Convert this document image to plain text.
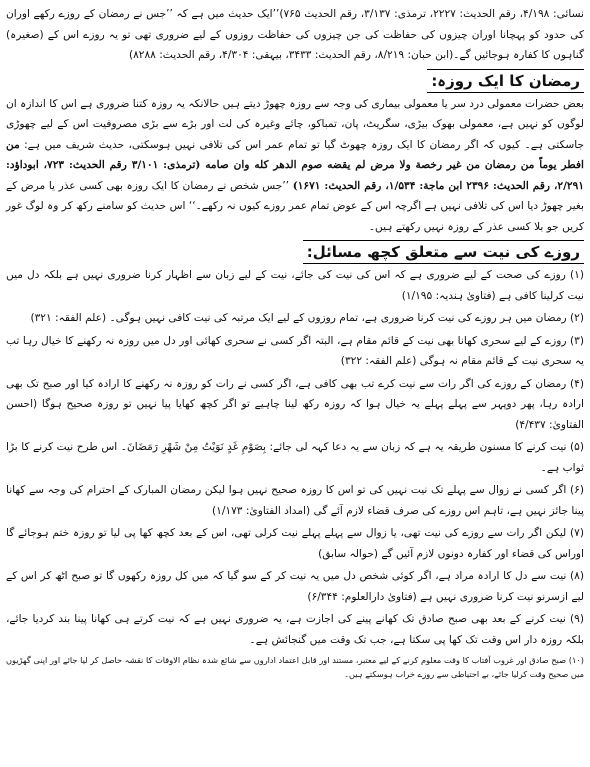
نسائی: ۴/۱۹۸، رقم الحدیث: ۲۲۲۷، ترمذی: ۳/۱۳۷، رقم الحدیث ۷۶۵)’’ایک حدیث میں ہے کہ ’’جس نے رمضان کے روزے رکھے اوران کی حدود کو پہچانا اوران چیزوں کی حفاظت کی جن چیزوں کی حفاظت روزوں کے لیے ضروری تھی تو یہ روزے اس کے (صغیرہ) گناہوں کا کفارہ ہوجائیں گے۔(ابن حبان: ۸/۲۱۹، رقم الحدیث: ۳۴۳۳، بیہقی: ۴/۳۰۴، رقم الحدیث: ۸۲۸۸)

رمضان کا ایک روزہ:

بعض حضرات معمولی درد سر یا معمولی بیماری کی وجہ سے روزہ چھوڑ دیتے ہیں حالانکہ یہ روزہ کتنا ضروری ہے اس کا اندازہ ان لوگوں کو نہیں ہے، معمولی بھوک بیڑی، سگریٹ، پان، تمباکو، چائے وغیرہ کی لت اور بڑے سے بڑی مصروفیت اس کے لیے چھوڑی جاسکتی ہے۔ کیوں کہ اگر رمضان کا ایک روزہ چھوٹ گیا تو تمام عمر اس کی تلافی نہیں ہوسکتی، حدیث شریف میں ہے: من افطر یوماً من رمضان من غیر رخصة ولا مرض لم یقضه صوم الدهر كله وان صامه (ترمذی: ۳/۱۰۱ رقم الحدیث: ۷۲۳، ابوداؤد: ۲/۲۹۱، رقم الحدیث: ۲۳۹۶ ابن ماجة: ۱/۵۳۴، رقم الحدیث: ۱۶۷۱) ’’جس شخص نے رمضان کا ایک روزہ بھی کسی عذر یا مرض کے بغیر چھوڑ دیا اس کی تلافی نہیں ہے اگرچہ اس کے عوض تمام عمر روزے کیوں نہ رکھے۔‘‘ اس حدیث کو سامنے رکھ کر وہ لوگ غور کریں جو بلا کسی عذر کے روزہ نہیں رکھتے ہیں۔

روزے کی نیت سے متعلق کچھ مسائل:

(۱) روزے کی صحت کے لیے ضروری ہے کہ اس کی نیت کی جائے، نیت کے لیے زبان سے اظہار کرنا ضروری نہیں ہے بلکہ دل میں نیت کرلینا کافی ہے (فتاویٰ ہندیہ: ۱/۱۹۵)

(۲) رمضان میں ہر روزے کی نیت کرنا ضروری ہے، تمام روزوں کے لیے ایک مرتبہ کی نیت کافی نہیں ہوگی۔ (علم الفقہ: ۳۲۱)

(۳) روزے کے لیے سحری کھانا بھی نیت کے قائم مقام ہے، البتہ اگر کسی نے سحری کھائی اور دل میں روزہ نہ رکھنے کا خیال رہا تب یہ سحری نیت کے قائم مقام نہ ہوگی (علم الفقہ: ۳۲۲)

(۴) رمضان کے روزے کی اگر رات سے نیت کرے تب بھی کافی ہے، اگر کسی نے رات کو روزہ نہ رکھنے کا ارادہ کیا اور صبح تک بھی ارادہ رہا، پھر دوپہر سے پہلے پہلے یہ خیال ہوا کہ روزہ رکھ لینا چاہیے تو اگر کچھ کھایا پیا نہیں تو روزہ صحیح ہوگا (احسن الفتاویٰ: ۴/۴۳۷)

(۵) نیت کرنے کا مسنون طریقہ یہ ہے کہ زبان سے یہ دعا کہہ لی جائے: بِصَوْمِ غَدٍ نَوَيْتُ مِنْ شَهْرِ رَمَضَانَ۔ اس طرح نیت کرنے کا بڑا ثواب ہے۔

(۶) اگر کسی نے زوال سے پہلے تک نیت نہیں کی تو اس کا روزہ صحیح نہیں ہوا لیکن رمضان المبارک کے احترام کی وجہ سے کھانا پینا جائز نہیں ہے، تاہم اس روزے کی صرف قضاء لازم آئے گی (امداد الفتاویٰ: ۱/۱۷۳)

(۷) لیکن اگر رات سے روزے کی نیت تھی، یا زوال سے پہلے پہلے نیت کرلی تھی، اس کے بعد کچھ کھا پی لیا تو روزہ ختم ہوجائے گا اوراس کی قضاء اور کفارہ دونوں لازم آئیں گے (حوالہ سابق)

(۸) نیت سے دل کا ارادہ مراد ہے، اگر کوئی شخص دل میں یہ نیت کر کے سو گیا کہ میں کل روزہ رکھوں گا تو صبح اٹھ کر اس کے لیے ازسرنو نیت کرنا ضروری نہیں ہے (فتاویٰ دارالعلوم: ۶/۳۴۴)

(۹) نیت کرنے کے بعد بھی صبح صادق تک کھانے پینے کی اجازت ہے، یہ ضروری نہیں ہے کہ نیت کرتے ہی کھانا پینا بند کردیا جائے، بلکہ روزہ دار اس وقت تک کھا پی سکتا ہے، جب تک وقت میں گنجائش ہے۔

(۱۰) صبح صادق اور غروب آفتاب کا وقت معلوم کرنے کے لیے معتبر، مستند اور قابل اعتماد اداروں سے شائع شدہ نظام الاوقات کا نقشہ حاصل کر لیا جائے اور اپنی گھڑیوں میں صحیح وقت کرلیا جائے، بے احتیاطی سے روزے خراب ہوسکتے ہیں۔
